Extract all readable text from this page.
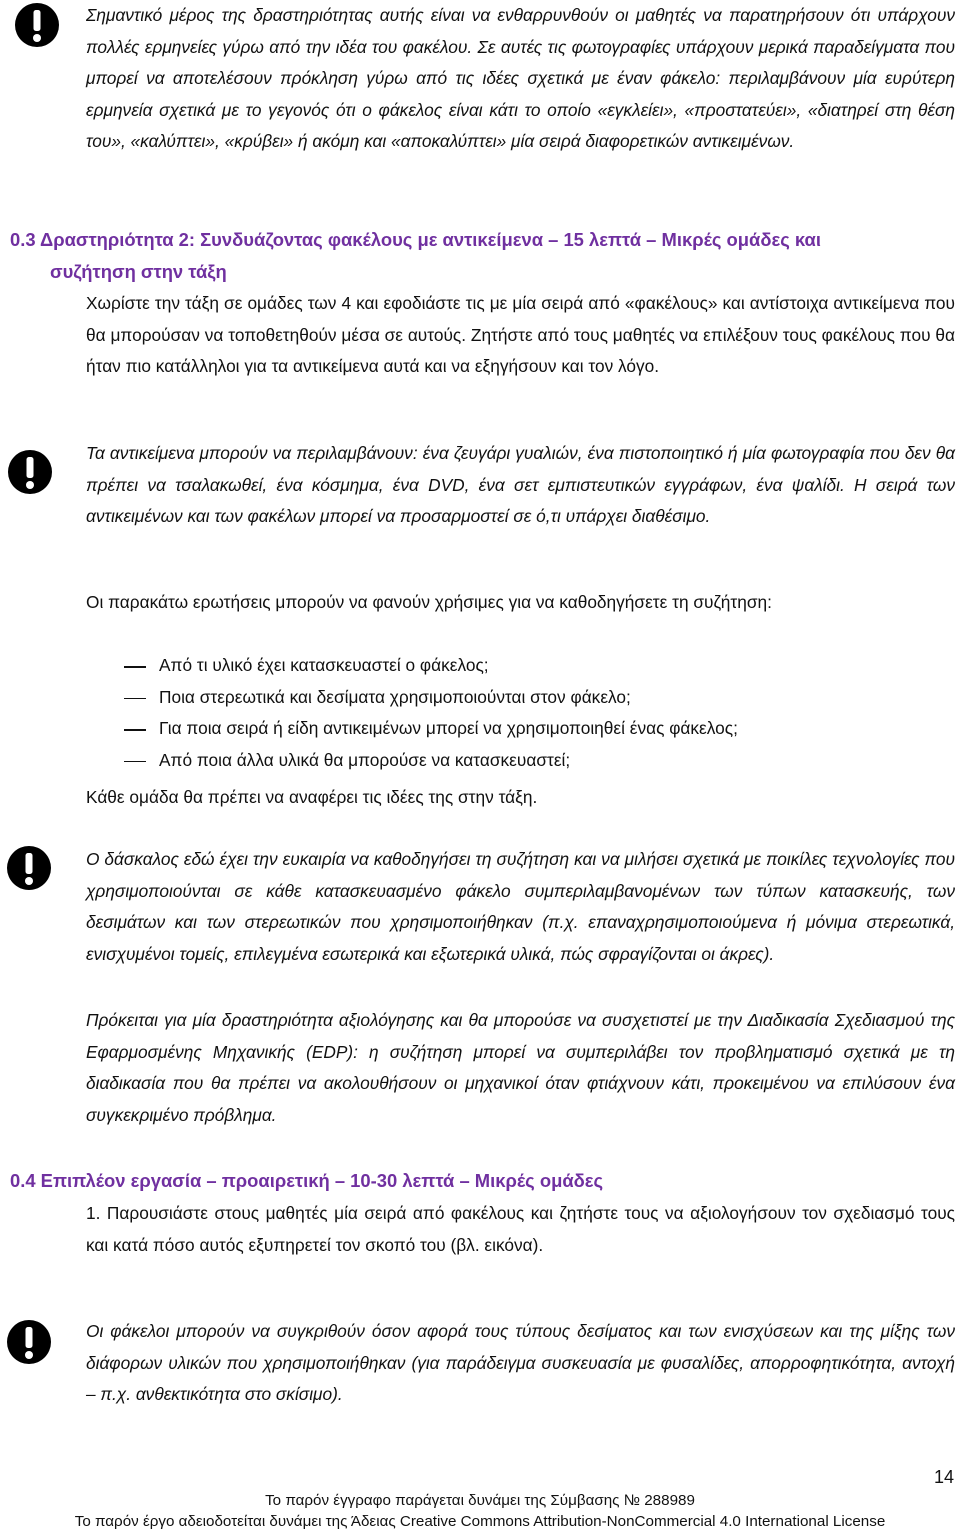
Σημαντικό μέρος της δραστηριότητας αυτής είναι να ενθαρρυνθούν οι μαθητές να παρατηρήσουν ότι υπάρχουν πολλές ερμηνείες γύρω από την ιδέα του φακέλου. Σε αυτές τις φωτογραφίες υπάρχουν μερικά παραδείγματα που μπορεί να αποτελέσουν πρόκληση γύρω από τις ιδέες σχετικά με έναν φάκελο: περιλαμβάνουν μία ευρύτερη ερμηνεία σχετικά με το γεγονός ότι ο φάκελος είναι κάτι το οποίο «εγκλείει», «προστατεύει», «διατηρεί στη θέση του», «καλύπτει», «κρύβει» ή ακόμη και «αποκαλύπτει» μία σειρά διαφορετικών αντικειμένων.

0.3 Δραστηριότητα 2: Συνδυάζοντας φακέλους με αντικείμενα – 15 λεπτά – Μικρές ομάδες και
συζήτηση στην τάξη

Χωρίστε την τάξη σε ομάδες των 4 και εφοδιάστε τις με μία σειρά από «φακέλους» και αντίστοιχα αντικείμενα που θα μπορούσαν να τοποθετηθούν μέσα σε αυτούς. Ζητήστε από τους μαθητές να επιλέξουν τους φακέλους που θα ήταν πιο κατάλληλοι για τα αντικείμενα αυτά και να εξηγήσουν και τον λόγο.

Τα αντικείμενα μπορούν να περιλαμβάνουν: ένα ζευγάρι γυαλιών, ένα πιστοποιητικό ή μία φωτογραφία που δεν θα πρέπει να τσαλακωθεί, ένα κόσμημα, ένα DVD, ένα σετ εμπιστευτικών εγγράφων, ένα ψαλίδι. Η σειρά των αντικειμένων και των φακέλων μπορεί να προσαρμοστεί σε ό,τι υπάρχει διαθέσιμο.

Οι παρακάτω ερωτήσεις μπορούν να φανούν χρήσιμες για να καθοδηγήσετε τη συζήτηση:

Από τι υλικό έχει κατασκευαστεί ο φάκελος;
Ποια στερεωτικά και δεσίματα χρησιμοποιούνται στον φάκελο;
Για ποια σειρά ή είδη αντικειμένων μπορεί να χρησιμοποιηθεί ένας φάκελος;
Από ποια άλλα υλικά θα μπορούσε να κατασκευαστεί;

Κάθε ομάδα θα πρέπει να αναφέρει τις ιδέες της στην τάξη.

Ο δάσκαλος εδώ έχει την ευκαιρία να καθοδηγήσει τη συζήτηση και να μιλήσει σχετικά με ποικίλες τεχνολογίες που χρησιμοποιούνται σε κάθε κατασκευασμένο φάκελο συμπεριλαμβανομένων των τύπων κατασκευής, των δεσιμάτων και των στερεωτικών που χρησιμοποιήθηκαν (π.χ. επαναχρησιμοποιούμενα ή μόνιμα στερεωτικά, ενισχυμένοι τομείς, επιλεγμένα εσωτερικά και εξωτερικά υλικά, πώς σφραγίζονται οι άκρες).

Πρόκειται για μία δραστηριότητα αξιολόγησης και θα μπορούσε να συσχετιστεί με την Διαδικασία Σχεδιασμού της Εφαρμοσμένης Μηχανικής (EDP): η συζήτηση μπορεί να συμπεριλάβει τον προβληματισμό σχετικά με τη διαδικασία που θα πρέπει να ακολουθήσουν οι μηχανικοί όταν φτιάχνουν κάτι, προκειμένου να επιλύσουν ένα συγκεκριμένο πρόβλημα.

0.4 Επιπλέον εργασία – προαιρετική – 10-30 λεπτά – Μικρές ομάδες

1. Παρουσιάστε στους μαθητές μία σειρά από φακέλους και ζητήστε τους να αξιολογήσουν τον σχεδιασμό τους και κατά πόσο αυτός εξυπηρετεί τον σκοπό του (βλ. εικόνα).

Οι φάκελοι μπορούν να συγκριθούν όσον αφορά τους τύπους δεσίματος και των ενισχύσεων και της μίξης των διάφορων υλικών που χρησιμοποιήθηκαν (για παράδειγμα συσκευασία με φυσαλίδες, απορροφητικότητα, αντοχή – π.χ. ανθεκτικότητα στο σκίσιμο).

14

Το παρόν έγγραφο παράγεται δυνάμει της Σύμβασης № 288989

Το παρόν έργο αδειοδοτείται δυνάμει της Άδειας Creative Commons Attribution-NonCommercial 4.0 International License
